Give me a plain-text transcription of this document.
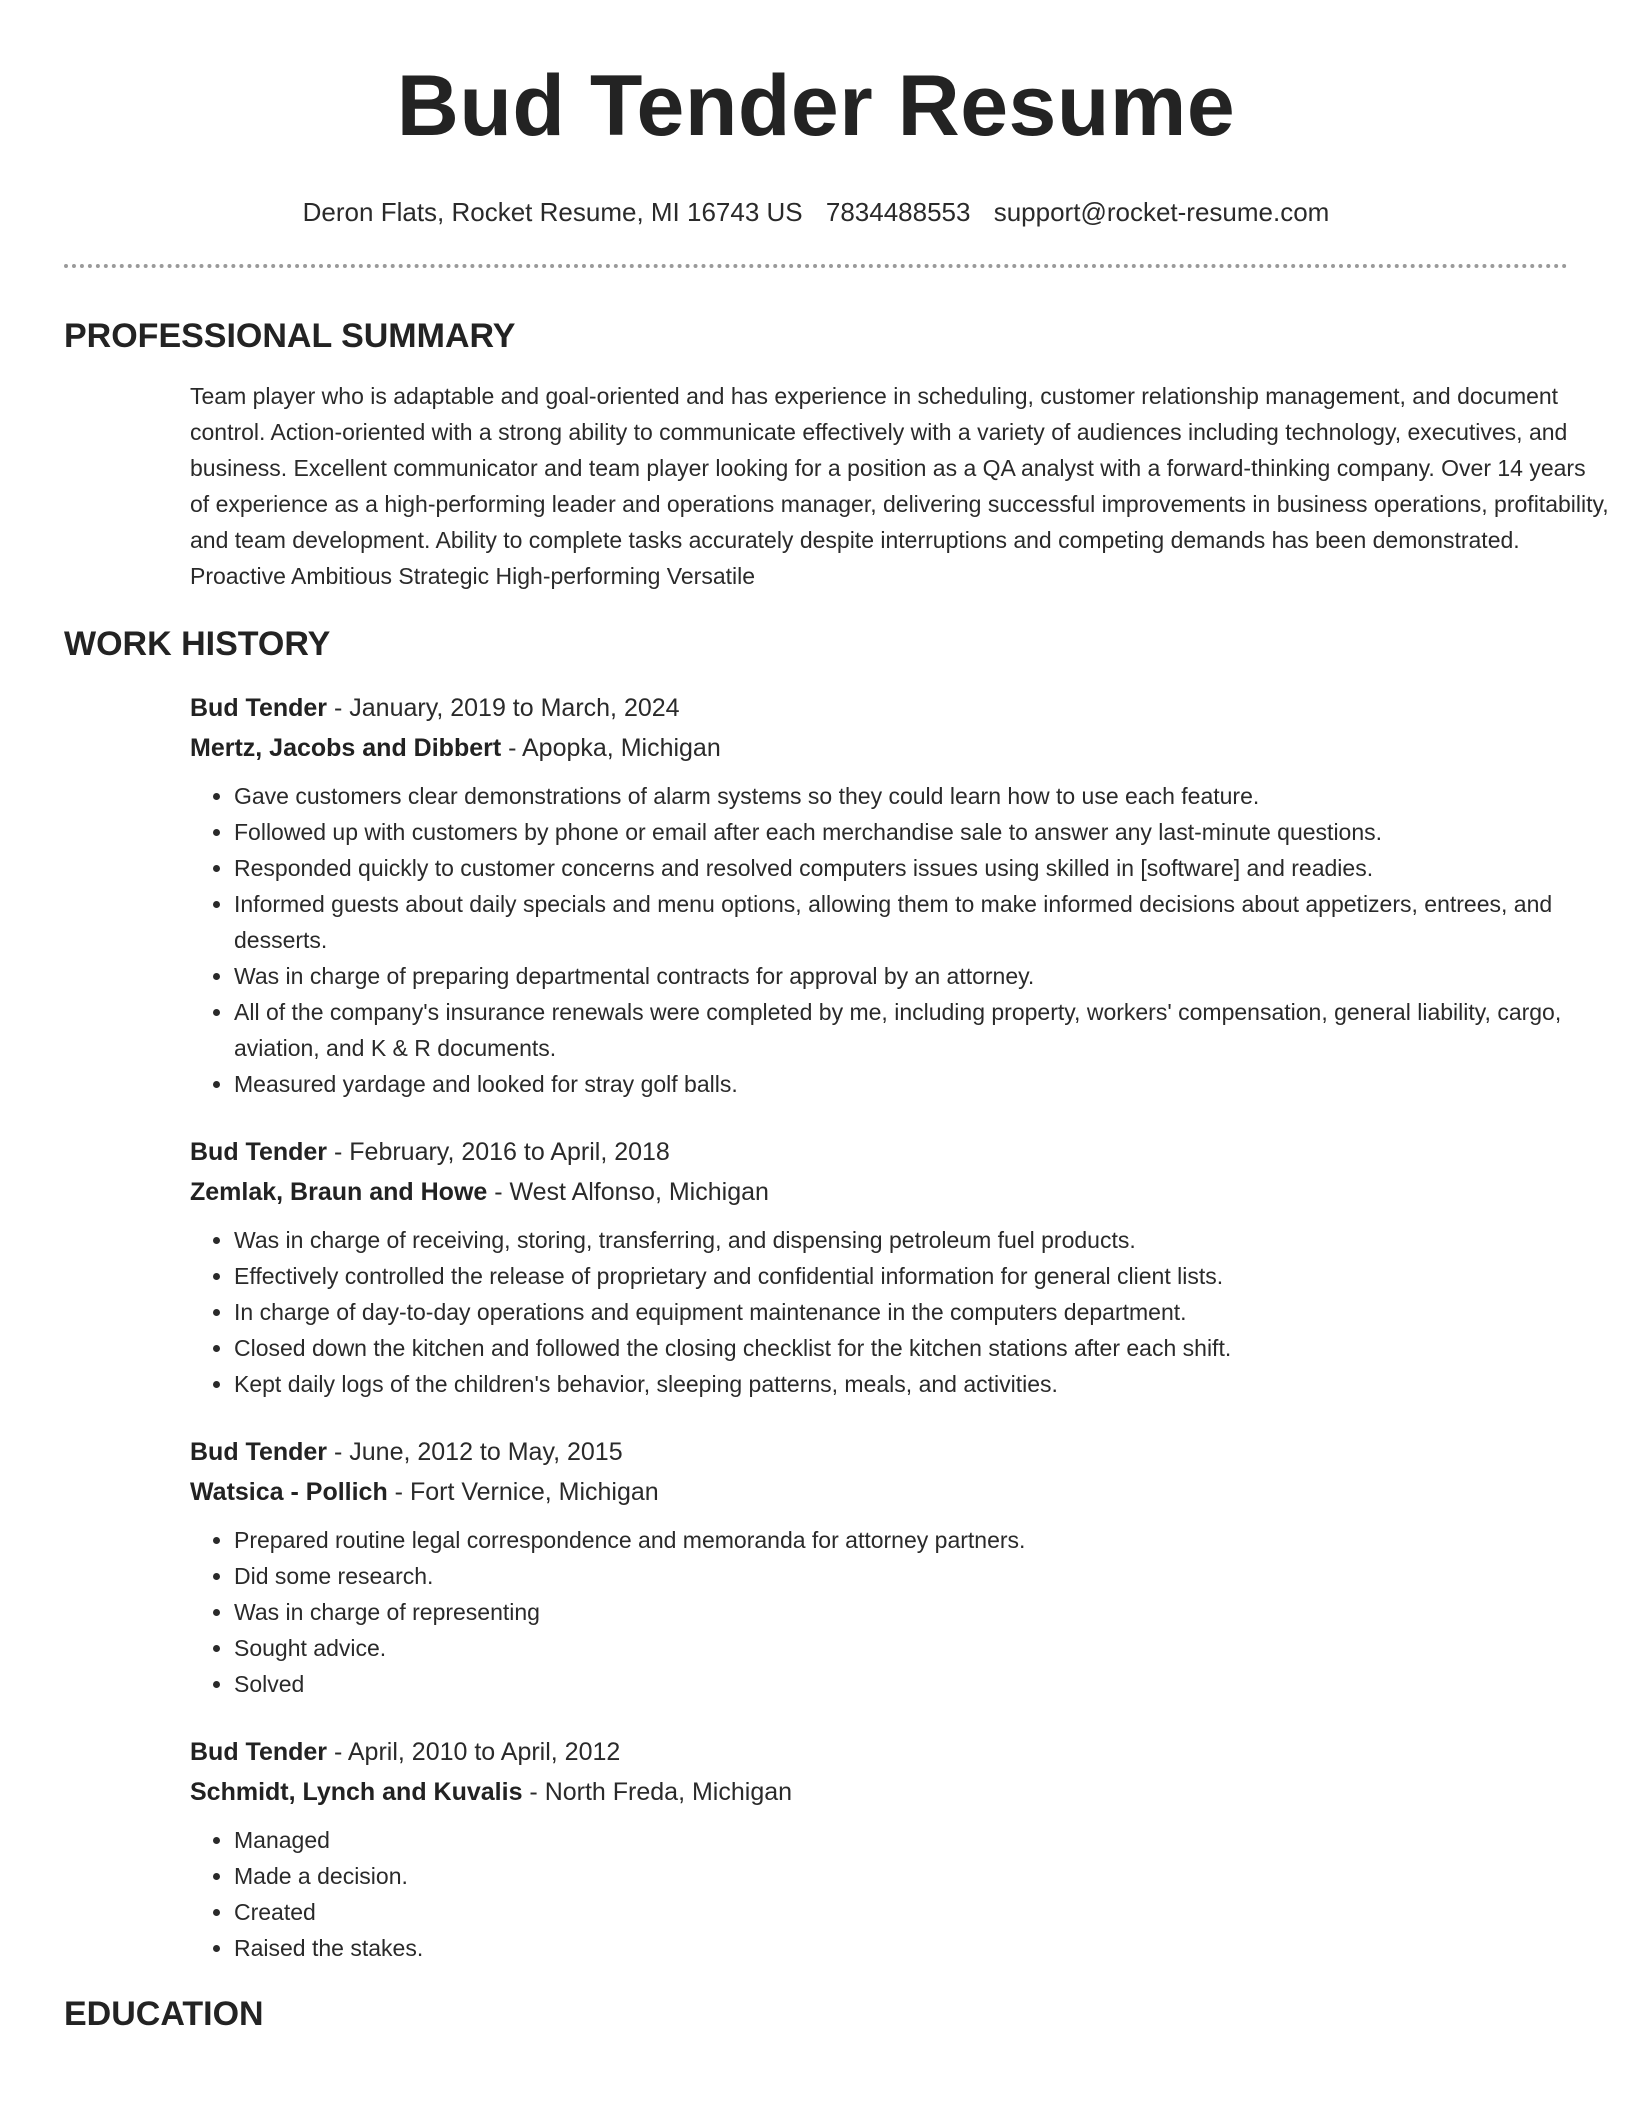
Bud Tender Resume
Deron Flats, Rocket Resume, MI 16743 US 7834488553 support@rocket-resume.com
PROFESSIONAL SUMMARY

Team player who is adaptable and goal-oriented and has experience in scheduling, customer relationship management, and document control. Action-oriented with a strong ability to communicate effectively with a variety of audiences including technology, executives, and business. Excellent communicator and team player looking for a position as a QA analyst with a forward-thinking company. Over 14 years of experience as a high-performing leader and operations manager, delivering successful improvements in business operations, profitability, and team development. Ability to complete tasks accurately despite interruptions and competing demands has been demonstrated. Proactive Ambitious Strategic High-performing Versatile

WORK HISTORY
Bud Tender - January, 2019 to March, 2024
Mertz, Jacobs and Dibbert - Apopka, Michigan
• Gave customers clear demonstrations of alarm systems so they could learn how to use each feature.
• Followed up with customers by phone or email after each merchandise sale to answer any last-minute questions.
• Responded quickly to customer concerns and resolved computers issues using skilled in [software] and readies.
• Informed guests about daily specials and menu options, allowing them to make informed decisions about appetizers, entrees, and desserts.
• Was in charge of preparing departmental contracts for approval by an attorney.
• All of the company's insurance renewals were completed by me, including property, workers' compensation, general liability, cargo, aviation, and K & R documents.
• Measured yardage and looked for stray golf balls.
Bud Tender - February, 2016 to April, 2018
Zemlak, Braun and Howe - West Alfonso, Michigan
• Was in charge of receiving, storing, transferring, and dispensing petroleum fuel products.
• Effectively controlled the release of proprietary and confidential information for general client lists.
• In charge of day-to-day operations and equipment maintenance in the computers department.
• Closed down the kitchen and followed the closing checklist for the kitchen stations after each shift.
• Kept daily logs of the children's behavior, sleeping patterns, meals, and activities.
Bud Tender - June, 2012 to May, 2015
Watsica - Pollich - Fort Vernice, Michigan
• Prepared routine legal correspondence and memoranda for attorney partners.
• Did some research.
• Was in charge of representing
• Sought advice.
• Solved
Bud Tender - April, 2010 to April, 2012
Schmidt, Lynch and Kuvalis - North Freda, Michigan
• Managed
• Made a decision.
• Created
• Raised the stakes.
EDUCATION
